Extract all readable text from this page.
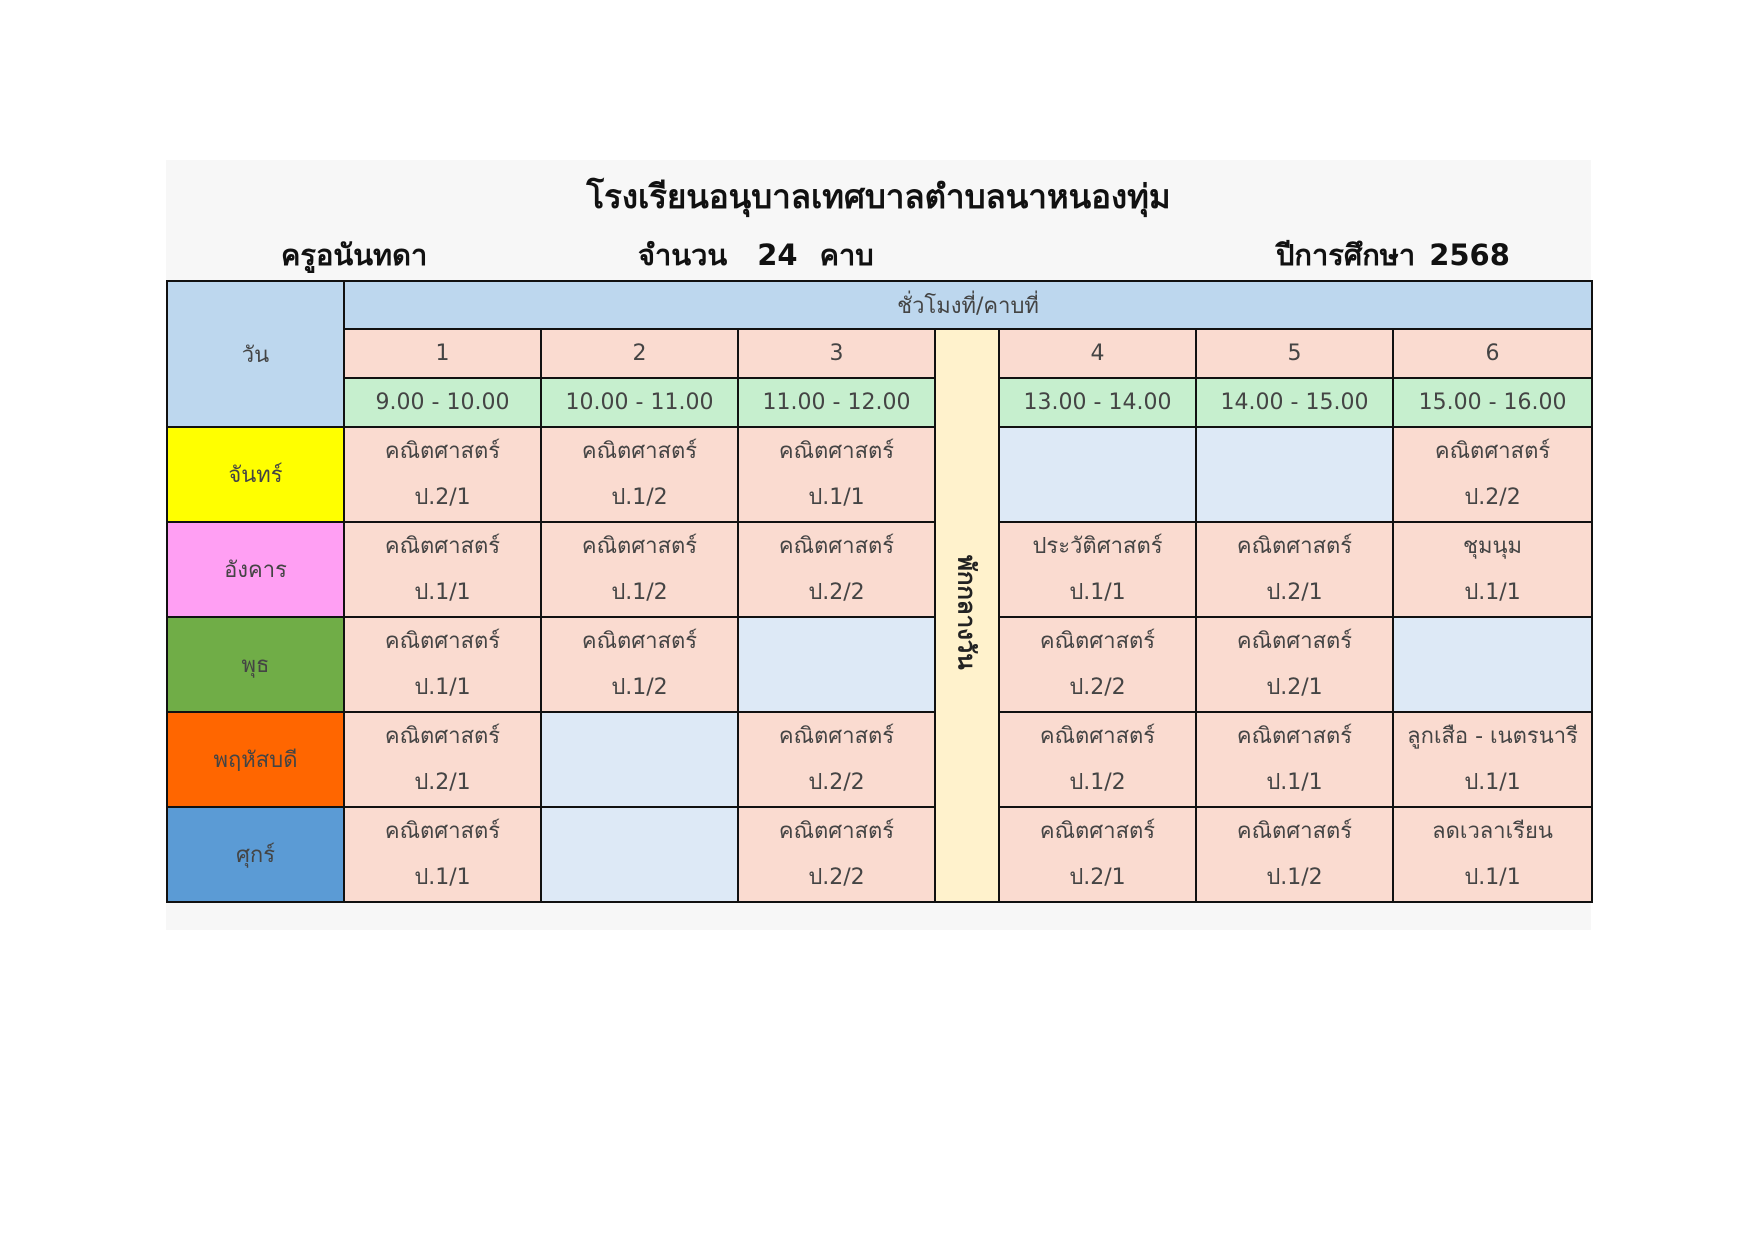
โรงเรียนอนุบาลเทศบาลตำบลนาหนองทุ่ม
ครูอนันทดา	จำนวน 24 คาบ	ปีการศึกษา 2568
วัน	ชั่วโมงที่/คาบที่						
	1	2	3	พักกลางวัน	4	5	6
	9.00 - 10.00	10.00 - 11.00	11.00 - 12.00		13.00 - 14.00	14.00 - 15.00	15.00 - 16.00
จันทร์	คณิตศาสตร์
ป.2/1	คณิตศาสตร์
ป.1/2	คณิตศาสตร์
ป.1/1				คณิตศาสตร์
ป.2/2

อังคาร	คณิตศาสตร์
ป.1/1	คณิตศาสตร์
ป.1/2	คณิตศาสตร์
ป.2/2		ประวัติศาสตร์
ป.1/1	คณิตศาสตร์
ป.2/1	ชุมนุม
ป.1/1

พุธ	คณิตศาสตร์
ป.1/1	คณิตศาสตร์
ป.1/2			คณิตศาสตร์
ป.2/2	คณิตศาสตร์
ป.2/1	

พฤหัสบดี	คณิตศาสตร์
ป.2/1		คณิตศาสตร์
ป.2/2		คณิตศาสตร์
ป.1/2	คณิตศาสตร์
ป.1/1	ลูกเสือ - เนตรนารี
ป.1/1

ศุกร์	คณิตศาสตร์
ป.1/1		คณิตศาสตร์
ป.2/2		คณิตศาสตร์
ป.2/1	คณิตศาสตร์
ป.1/2	ลดเวลาเรียน
ป.1/1
